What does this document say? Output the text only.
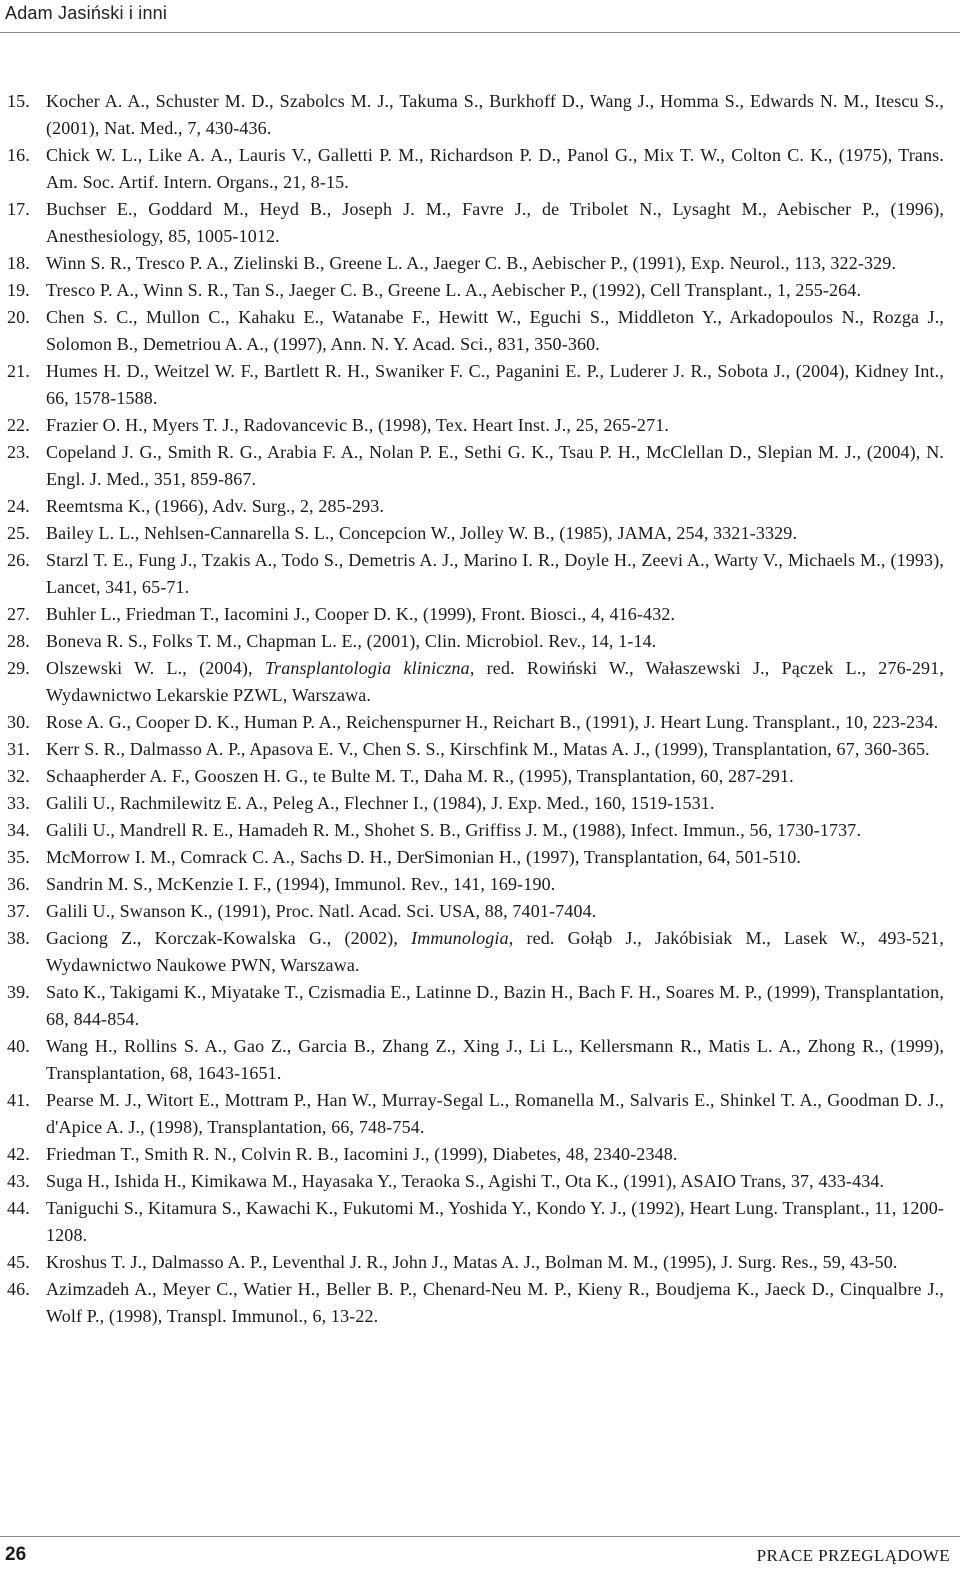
Adam Jasiński i inni
15. Kocher A. A., Schuster M. D., Szabolcs M. J., Takuma S., Burkhoff D., Wang J., Homma S., Edwards N. M., Itescu S., (2001), Nat. Med., 7, 430-436.
16. Chick W. L., Like A. A., Lauris V., Galletti P. M., Richardson P. D., Panol G., Mix T. W., Colton C. K., (1975), Trans. Am. Soc. Artif. Intern. Organs., 21, 8-15.
17. Buchser E., Goddard M., Heyd B., Joseph J. M., Favre J., de Tribolet N., Lysaght M., Aebischer P., (1996), Anesthesiology, 85, 1005-1012.
18. Winn S. R., Tresco P. A., Zielinski B., Greene L. A., Jaeger C. B., Aebischer P., (1991), Exp. Neurol., 113, 322-329.
19. Tresco P. A., Winn S. R., Tan S., Jaeger C. B., Greene L. A., Aebischer P., (1992), Cell Transplant., 1, 255-264.
20. Chen S. C., Mullon C., Kahaku E., Watanabe F., Hewitt W., Eguchi S., Middleton Y., Arkadopoulos N., Rozga J., Solomon B., Demetriou A. A., (1997), Ann. N. Y. Acad. Sci., 831, 350-360.
21. Humes H. D., Weitzel W. F., Bartlett R. H., Swaniker F. C., Paganini E. P., Luderer J. R., Sobota J., (2004), Kidney Int., 66, 1578-1588.
22. Frazier O. H., Myers T. J., Radovancevic B., (1998), Tex. Heart Inst. J., 25, 265-271.
23. Copeland J. G., Smith R. G., Arabia F. A., Nolan P. E., Sethi G. K., Tsau P. H., McClellan D., Slepian M. J., (2004), N. Engl. J. Med., 351, 859-867.
24. Reemtsma K., (1966), Adv. Surg., 2, 285-293.
25. Bailey L. L., Nehlsen-Cannarella S. L., Concepcion W., Jolley W. B., (1985), JAMA, 254, 3321-3329.
26. Starzl T. E., Fung J., Tzakis A., Todo S., Demetris A. J., Marino I. R., Doyle H., Zeevi A., Warty V., Michaels M., (1993), Lancet, 341, 65-71.
27. Buhler L., Friedman T., Iacomini J., Cooper D. K., (1999), Front. Biosci., 4, 416-432.
28. Boneva R. S., Folks T. M., Chapman L. E., (2001), Clin. Microbiol. Rev., 14, 1-14.
29. Olszewski W. L., (2004), Transplantologia kliniczna, red. Rowiński W., Wałaszewski J., Pączek L., 276-291, Wydawnictwo Lekarskie PZWL, Warszawa.
30. Rose A. G., Cooper D. K., Human P. A., Reichenspurner H., Reichart B., (1991), J. Heart Lung. Transplant., 10, 223-234.
31. Kerr S. R., Dalmasso A. P., Apasova E. V., Chen S. S., Kirschfink M., Matas A. J., (1999), Transplantation, 67, 360-365.
32. Schaapherder A. F., Gooszen H. G., te Bulte M. T., Daha M. R., (1995), Transplantation, 60, 287-291.
33. Galili U., Rachmilewitz E. A., Peleg A., Flechner I., (1984), J. Exp. Med., 160, 1519-1531.
34. Galili U., Mandrell R. E., Hamadeh R. M., Shohet S. B., Griffiss J. M., (1988), Infect. Immun., 56, 1730-1737.
35. McMorrow I. M., Comrack C. A., Sachs D. H., DerSimonian H., (1997), Transplantation, 64, 501-510.
36. Sandrin M. S., McKenzie I. F., (1994), Immunol. Rev., 141, 169-190.
37. Galili U., Swanson K., (1991), Proc. Natl. Acad. Sci. USA, 88, 7401-7404.
38. Gaciong Z., Korczak-Kowalska G., (2002), Immunologia, red. Gołąb J., Jakóbisiak M., Lasek W., 493-521, Wydawnictwo Naukowe PWN, Warszawa.
39. Sato K., Takigami K., Miyatake T., Czismadia E., Latinne D., Bazin H., Bach F. H., Soares M. P., (1999), Transplantation, 68, 844-854.
40. Wang H., Rollins S. A., Gao Z., Garcia B., Zhang Z., Xing J., Li L., Kellersmann R., Matis L. A., Zhong R., (1999), Transplantation, 68, 1643-1651.
41. Pearse M. J., Witort E., Mottram P., Han W., Murray-Segal L., Romanella M., Salvaris E., Shinkel T. A., Goodman D. J., d'Apice A. J., (1998), Transplantation, 66, 748-754.
42. Friedman T., Smith R. N., Colvin R. B., Iacomini J., (1999), Diabetes, 48, 2340-2348.
43. Suga H., Ishida H., Kimikawa M., Hayasaka Y., Teraoka S., Agishi T., Ota K., (1991), ASAIO Trans, 37, 433-434.
44. Taniguchi S., Kitamura S., Kawachi K., Fukutomi M., Yoshida Y., Kondo Y. J., (1992), Heart Lung. Transplant., 11, 1200-1208.
45. Kroshus T. J., Dalmasso A. P., Leventhal J. R., John J., Matas A. J., Bolman M. M., (1995), J. Surg. Res., 59, 43-50.
46. Azimzadeh A., Meyer C., Watier H., Beller B. P., Chenard-Neu M. P., Kieny R., Boudjema K., Jaeck D., Cinqualbre J., Wolf P., (1998), Transpl. Immunol., 6, 13-22.
26	PRACE PRZEGLĄDOWE
